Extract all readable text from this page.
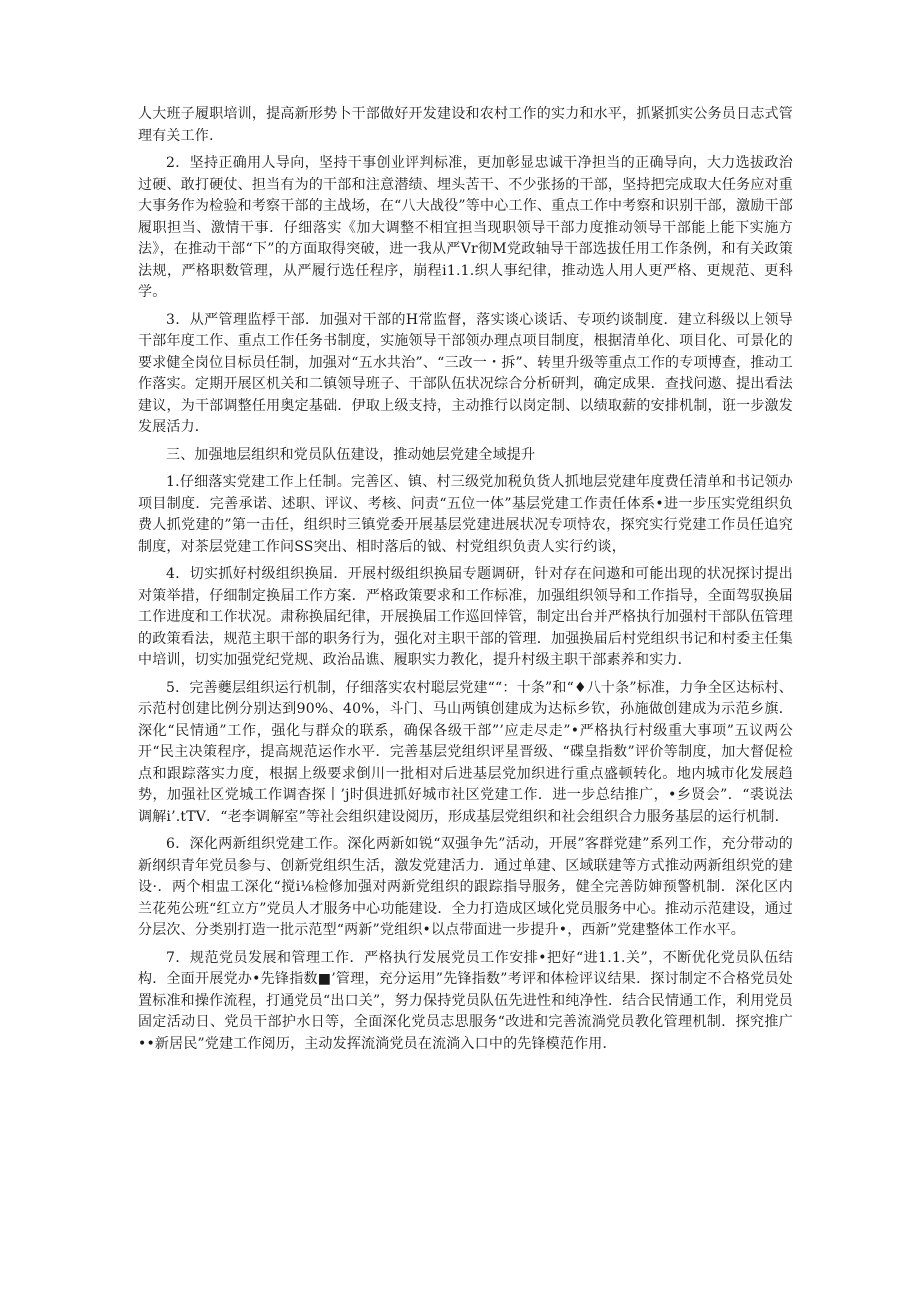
人大班子履职培训，提高新形势卜干部做好开发建设和农村工作的实力和水平，抓紧抓实公务员日志式管理有关工作.

2．坚持正确用人导向，坚持干事创业评判标准，更加彰显忠诚干净担当的正确导向，大力选拔政治过硬、敢打硬仗、担当有为的干部和注意潜绩、埋头苦干、不少张扬的干部，坚持把完成取大任务应对重大事务作为检验和考察干部的主战场，在“八大战役”等中心工作、重点工作中考察和识别干部，激励干部履职担当、激情干事．仔细落实《加大调整不相宜担当现职领导干部力度推动领导干部能上能下实施方法》，在推动干部“下”的方面取得突破，进一我从严Vr彻M党政轴导干部选拔任用工作条例，和有关政策法规，严格职数管理，从严履行选任程序，崩程i1.1.织人事纪律，推动选人用人更严格、更规范、更科学。

3．从严管理监桴干部．加强对干部的H常监督，落实谈心谈话、专项约谈制度．建立科级以上领导干部年度工作、重点工作任务书制度，实施领导干部领办理点项目制度，根据清单化、项目化、可景化的要求健全岗位目标员任制，加强对“五水共治”、“三改一・拆”、转里升级等重点工作的专项博查，推动工作落实。定期开展区机关和二镇领导班子、干部队伍状况综合分析研判，确定成果．查找问遨、提出看法建议，为干部调整任用奥定基础．伊取上级支持，主动推行以岗定制、以绩取薪的安排机制，诳一步激发发展活力．

三、加强地层组织和党员队伍建设，推动她层党建全域提升

1.仔细落实党建工作上任制。完善区、镇、村三级党加税负货人抓地层党建年度费任清单和书记领办项目制度．完善承诺、述职、评议、考核、问责“五位一体”基层党建工作责任体系•进一步压实党组织负费人抓党建的”第一击任，组织时三镇党委开展基层党建进展状况专项恃农，探究实行党建工作员任追究制度，对茶层党建工作问SS突出、相时落后的钺、村党组织负责人实行约谈，

4．切实抓好村级组织换届．开展村级组织换届专题调研，针对存在问遨和可能出现的状况探讨提出对策举措，仔细制定换届工作方案．严格政策要求和工作标准，加强组织领导和工作指导，全面驾驭换届工作进度和工作状况。肃称换届纪律，开展换届工作巡回悻管，制定出台并严格执行加强村干部队伍管理的政策看法，规范主职干部的职务行为，强化对主职干部的管理．加强换届后村党组织书记和村委主任集中培训，切实加强党纪党规、政治品谯、履职实力教化，提升村级主职干部素养和实力．

5．完善夔层组织运行机制，仔细落实农村聪层党建““：十条”和“♦八十条”标准，力争全区达标村、示范村创建比例分别达到90%、40%，斗门、马山两镇创建成为达标乡钦，孙施做创建成为示范乡旗．深化“民情通”工作，强化与群众的联系，确保各级干部”’应走尽走”•严格执行村级重大事项”五议两公开“民主决策程序，提高规范运作水平．完善基层党组织评星晋级、“碟皇指数”评价等制度，加大督促检点和跟踪落实力度，根据上级要求倒川一批相对后进基层党加织进行重点盛顿转化。地内城市化发展趋势，加强社区党城工作调杳探丨’j时俱进抓好城市社区党建工作．进一步总结推广，•乡贤会”．“裘说法调解i’.tTV．“老李调解室”等社会组织建设阅历，形成基层党组织和社会组织合力服务基层的运行机制．

6．深化两新组织党建工作。深化两新如锐“双强争先”活动，开展”客群党建”系列工作，充分带动的新纲织青年党员参与、创新党组织生活，激发党建活力．通过单建、区域联建等方式推动两新组织党的建设·．两个相盅工深化“搅i⅛检修加强对两新党组织的跟踪指导服务，健全完善防婶预警机制．深化区内兰花苑公班“红立方”党员人才服务中心功能建设．全力打造成区域化党员服务中心。推动示范建设，通过分层次、分类别打造一批示范型“两新”党组织•以点带面进一步提升•，西新”党建整体工作水平。

7．规范党员发展和管理工作．严格执行发展党员工作安排•把好“进1.1.关”，不断优化党员队伍结构．全面开展党办•先锋指数■’管理，充分运用”先锋指数”考评和体检评议结果．探讨制定不合格党员处置标准和操作流程，打通党员“出口关”，努力保持党员队伍先进性和纯净性．结合民情通工作，利用党员固定活动日、党员干部护水日等，全面深化党员志思服务“改进和完善流淌党员教化管理机制．探究推广••新居民”党建工作阅历，主动发挥流淌党员在流淌入口中的先锋模范作用．
